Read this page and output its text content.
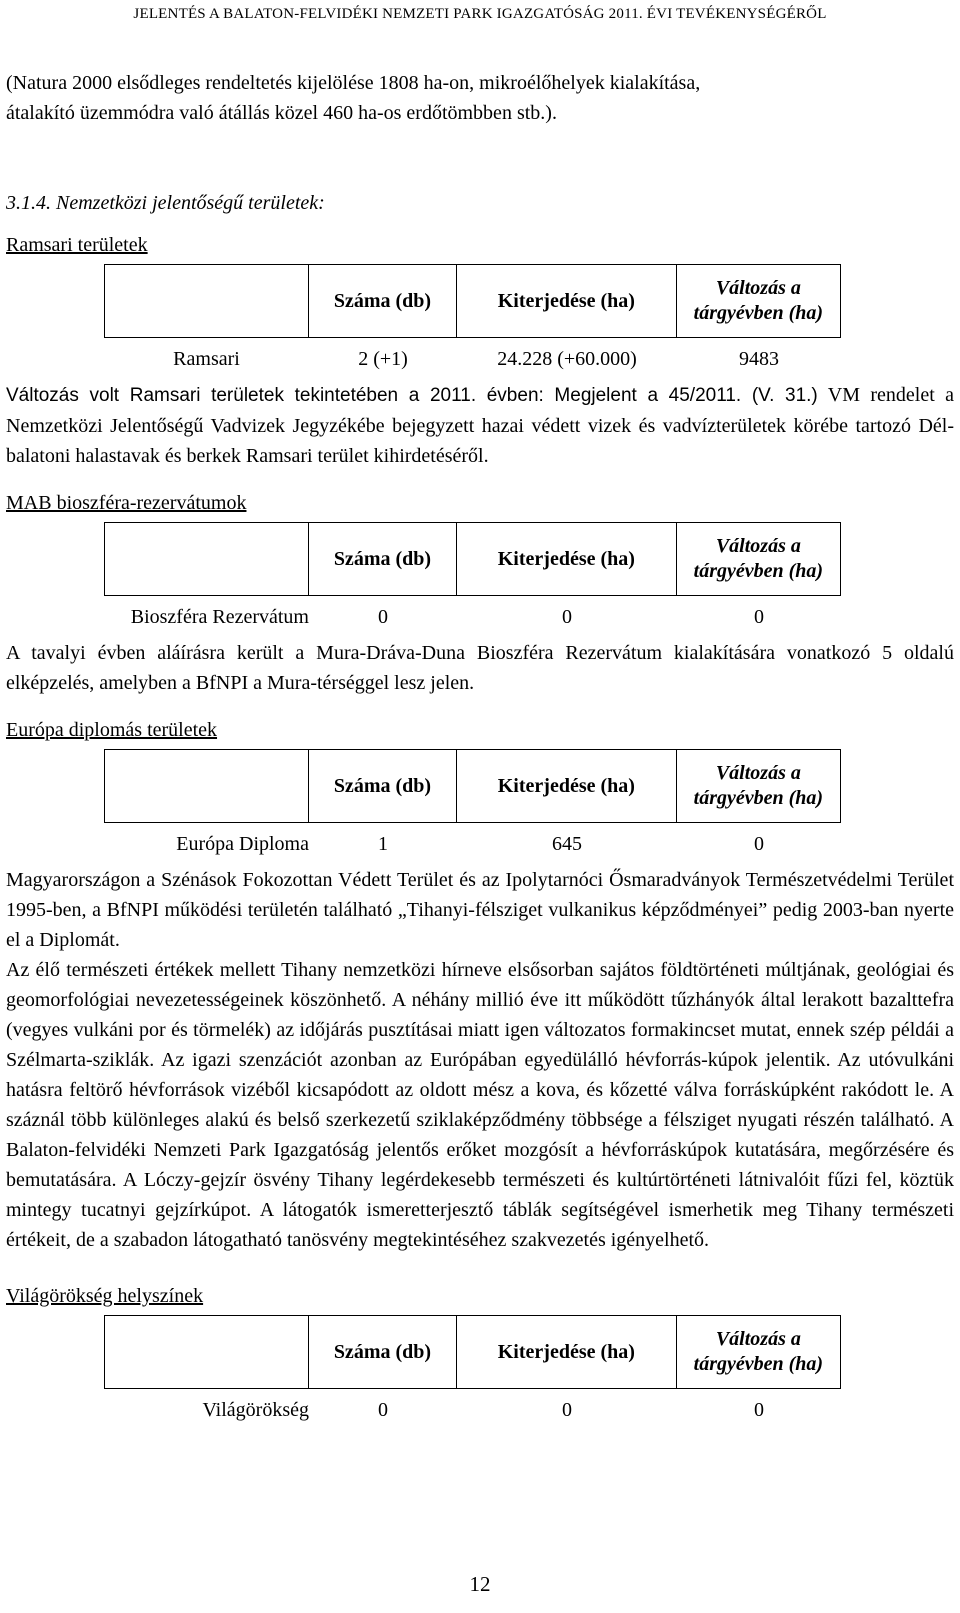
JELENTÉS A BALATON-FELVIDÉKI NEMZETI PARK IGAZGATÓSÁG 2011. ÉVI TEVÉKENYSÉGÉRŐL

(Natura 2000 elsődleges rendeltetés kijelölése 1808 ha-on, mikroélőhelyek kialakítása,

átalakító üzemmódra való átállás közel 460 ha-os erdőtömbben stb.).

3.1.4. Nemzetközi jelentőségű területek:

Ramsari területek

	Száma (db)	Kiterjedése (ha)	Változás a
tárgyévben (ha)
Ramsari	2 (+1)	24.228 (+60.000)	9483

Változás volt Ramsari területek tekintetében a 2011. évben: Megjelent a 45/2011. (V. 31.) VM rendelet a Nemzetközi Jelentőségű Vadvizek Jegyzékébe bejegyzett hazai védett vizek és vadvízterületek körébe tartozó Dél-balatoni halastavak és berkek Ramsari terület kihirdetéséről.

MAB bioszféra-rezervátumok

	Száma (db)	Kiterjedése (ha)	Változás a
tárgyévben (ha)
Bioszféra Rezervátum	0	0	0

A tavalyi évben aláírásra került a Mura-Dráva-Duna Bioszféra Rezervátum kialakítására vonatkozó 5 oldalú elképzelés, amelyben a BfNPI a Mura-térséggel lesz jelen.

Európa diplomás területek

	Száma (db)	Kiterjedése (ha)	Változás a
tárgyévben (ha)
Európa Diploma	1	645	0

Magyarországon a Szénások Fokozottan Védett Terület és az Ipolytarnóci Ősmaradványok Természetvédelmi Terület 1995-ben, a BfNPI működési területén található „Tihanyi-félsziget vulkanikus képződményei” pedig 2003-ban nyerte el a Diplomát.

Az élő természeti értékek mellett Tihany nemzetközi hírneve elsősorban sajátos földtörténeti múltjának, geológiai és geomorfológiai nevezetességeinek köszönhető. A néhány millió éve itt működött tűzhányók által lerakott bazalttefra (vegyes vulkáni por és törmelék) az időjárás pusztításai miatt igen változatos formakincset mutat, ennek szép példái a Szélmarta-sziklák. Az igazi szenzációt azonban az Európában egyedülálló hévforrás-kúpok jelentik. Az utóvulkáni hatásra feltörő hévforrások vizéből kicsapódott az oldott mész a kova, és kőzetté válva forráskúpként rakódott le. A száznál több különleges alakú és belső szerkezetű sziklaképződmény többsége a félsziget nyugati részén található. A Balaton-felvidéki Nemzeti Park Igazgatóság jelentős erőket mozgósít a hévforráskúpok kutatására, megőrzésére és bemutatására. A Lóczy-gejzír ösvény Tihany legérdekesebb természeti és kultúrtörténeti látnivalóit fűzi fel, köztük mintegy tucatnyi gejzírkúpot. A látogatók ismeretterjesztő táblák segítségével ismerhetik meg Tihany természeti értékeit, de a szabadon látogatható tanösvény megtekintéséhez szakvezetés igényelhető.

Világörökség helyszínek

	Száma (db)	Kiterjedése (ha)	Változás a
tárgyévben (ha)
Világörökség	0	0	0
12
